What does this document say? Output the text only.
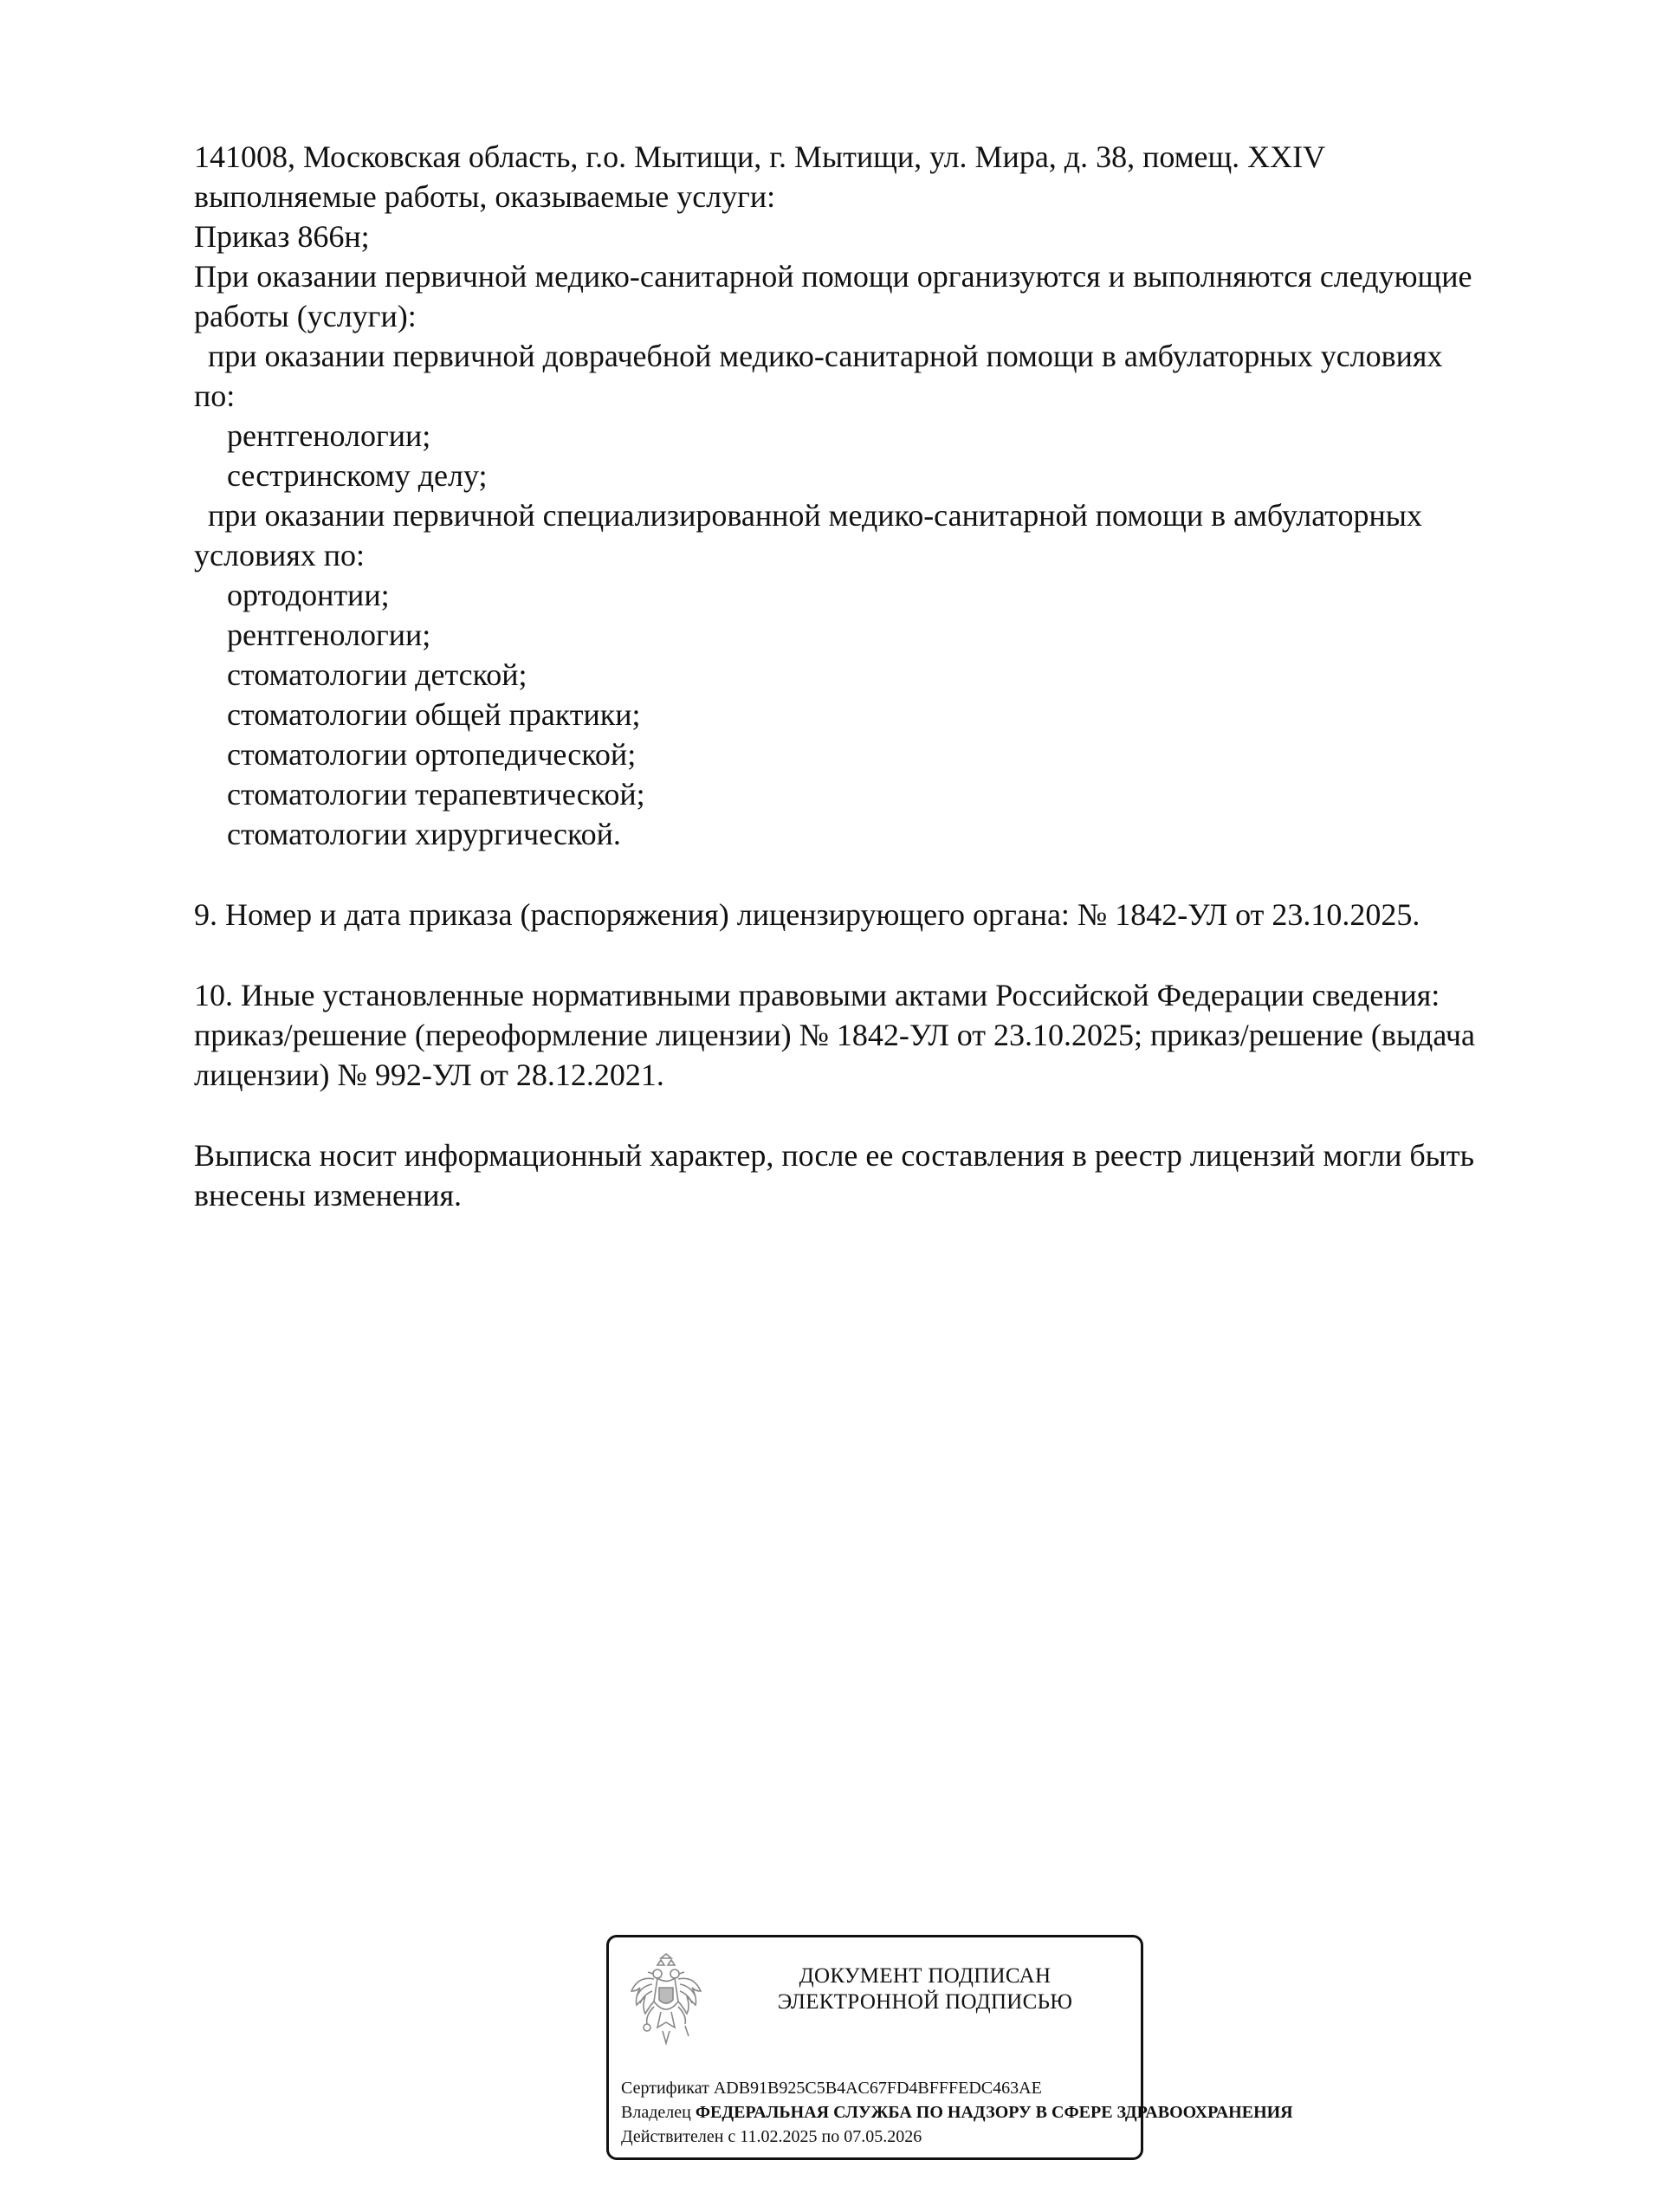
141008, Московская область, г.о. Мытищи, г. Мытищи, ул. Мира, д. 38, помещ. XXIV
выполняемые работы, оказываемые услуги:
Приказ 866н;
При оказании первичной медико-санитарной помощи организуются и выполняются следующие
работы (услуги):
при оказании первичной доврачебной медико-санитарной помощи в амбулаторных условиях
по:
рентгенологии;
сестринскому делу;
при оказании первичной специализированной медико-санитарной помощи в амбулаторных
условиях по:
ортодонтии;
рентгенологии;
стоматологии детской;
стоматологии общей практики;
стоматологии ортопедической;
стоматологии терапевтической;
стоматологии хирургической.
9. Номер и дата приказа (распоряжения) лицензирующего органа: № 1842-УЛ от 23.10.2025.
10. Иные установленные нормативными правовыми актами Российской Федерации сведения:
приказ/решение (переоформление лицензии) № 1842-УЛ от 23.10.2025; приказ/решение (выдача
лицензии) № 992-УЛ от 28.12.2021.
Выписка носит информационный характер, после ее составления в реестр лицензий могли быть
внесены изменения.
ДОКУМЕНТ ПОДПИСАН
ЭЛЕКТРОННОЙ ПОДПИСЬЮ
Сертификат ADB91B925C5B4AC67FD4BFFFEDC463AE
Владелец ФЕДЕРАЛЬНАЯ СЛУЖБА ПО НАДЗОРУ В СФЕРЕ ЗДРАВООХРАНЕНИЯ
Действителен с 11.02.2025 по 07.05.2026
